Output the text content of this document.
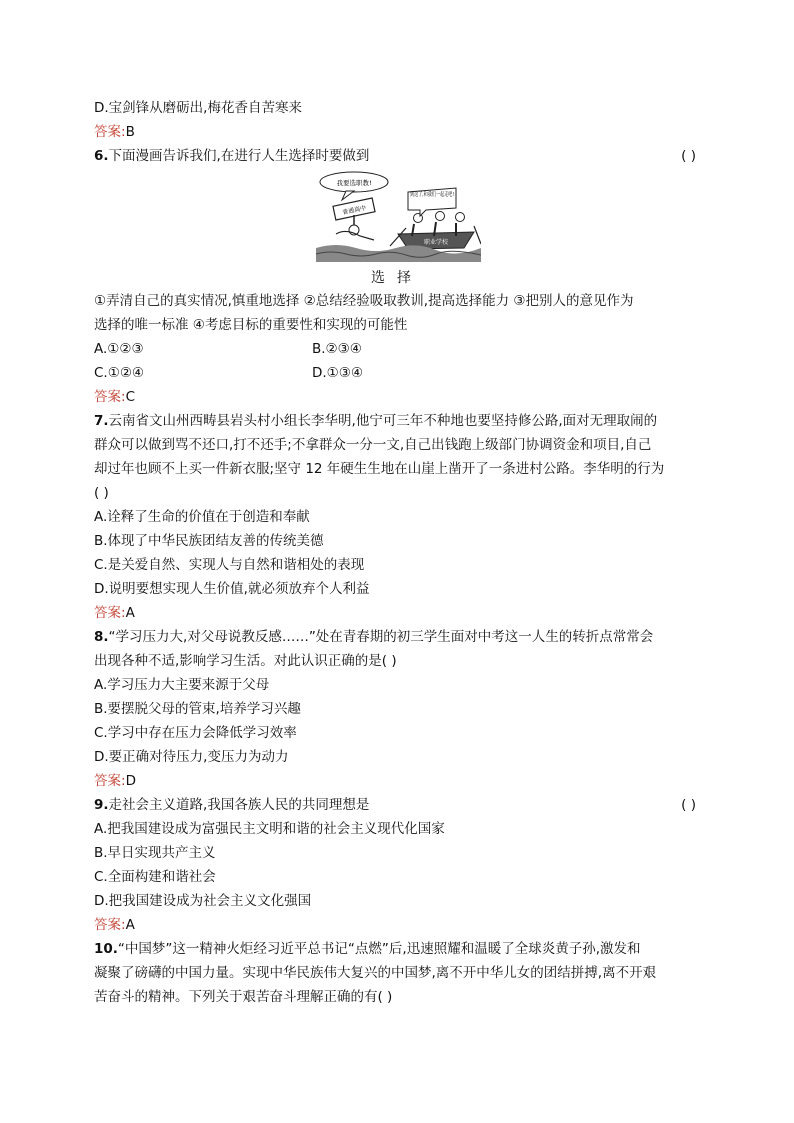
D.宝剑锋从磨砺出,梅花香自苦寒来
答案:B
6.下面漫画告诉我们,在进行人生选择时要做到	( )
我要选职教!
普通高中
到这了,和我们一起走吧!
职业学校
选择
①弄清自己的真实情况,慎重地选择 ②总结经验吸取教训,提高选择能力 ③把别人的意见作为
选择的唯一标准 ④考虑目标的重要性和实现的可能性
A.①②③	B.②③④
C.①②④	D.①③④
答案:C
7.云南省文山州西畴县岩头村小组长李华明,他宁可三年不种地也要坚持修公路,面对无理取闹的
群众可以做到骂不还口,打不还手;不拿群众一分一文,自己出钱跑上级部门协调资金和项目,自己
却过年也顾不上买一件新衣服;坚守 12 年硬生生地在山崖上凿开了一条进村公路。李华明的行为
( )
A.诠释了生命的价值在于创造和奉献
B.体现了中华民族团结友善的传统美德
C.是关爱自然、实现人与自然和谐相处的表现
D.说明要想实现人生价值,就必须放弃个人利益
答案:A
8.“学习压力大,对父母说教反感……”处在青春期的初三学生面对中考这一人生的转折点常常会
出现各种不适,影响学习生活。对此认识正确的是( )
A.学习压力大主要来源于父母
B.要摆脱父母的管束,培养学习兴趣
C.学习中存在压力会降低学习效率
D.要正确对待压力,变压力为动力
答案:D
9.走社会主义道路,我国各族人民的共同理想是	( )
A.把我国建设成为富强民主文明和谐的社会主义现代化国家
B.早日实现共产主义
C.全面构建和谐社会
D.把我国建设成为社会主义文化强国
答案:A
10.“中国梦”这一精神火炬经习近平总书记“点燃”后,迅速照耀和温暖了全球炎黄子孙,激发和
凝聚了磅礴的中国力量。实现中华民族伟大复兴的中国梦,离不开中华儿女的团结拼搏,离不开艰
苦奋斗的精神。下列关于艰苦奋斗理解正确的有( )
